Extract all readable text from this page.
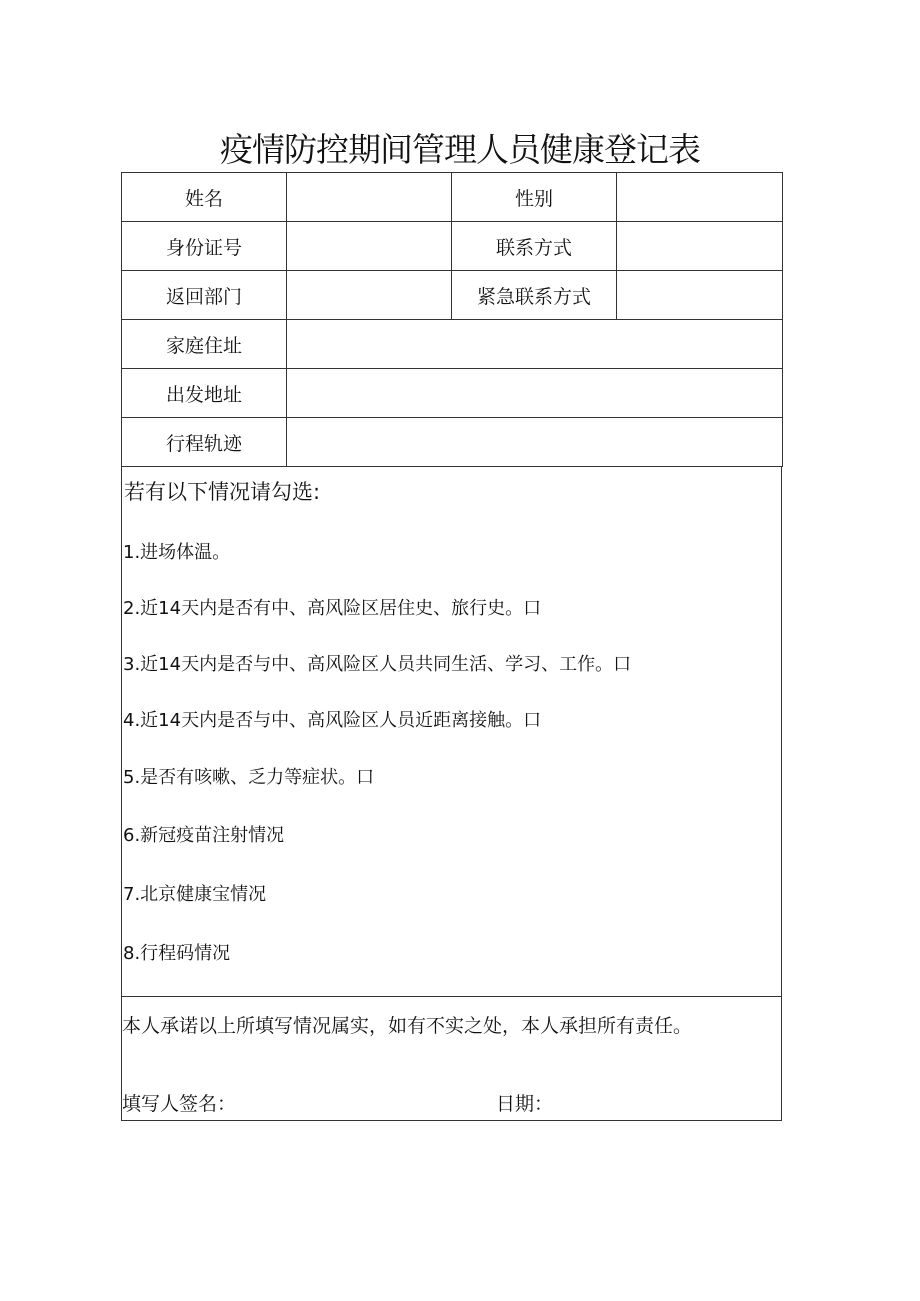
疫情防控期间管理人员健康登记表
姓名		性别	
身份证号		联系方式	
返回部门		紧急联系方式	
家庭住址			
出发地址			
行程轨迹			
若有以下情况请勾选:
1.进场体温。
2.近14天内是否有中、高风险区居住史、旅行史。口
3.近14天内是否与中、高风险区人员共同生活、学习、工作。口
4.近14天内是否与中、高风险区人员近距离接触。口
5.是否有咳嗽、乏力等症状。口
6.新冠疫苗注射情况
7.北京健康宝情况
8.行程码情况
本人承诺以上所填写情况属实，如有不实之处，本人承担所有责任。
填写人签名：	日期：
